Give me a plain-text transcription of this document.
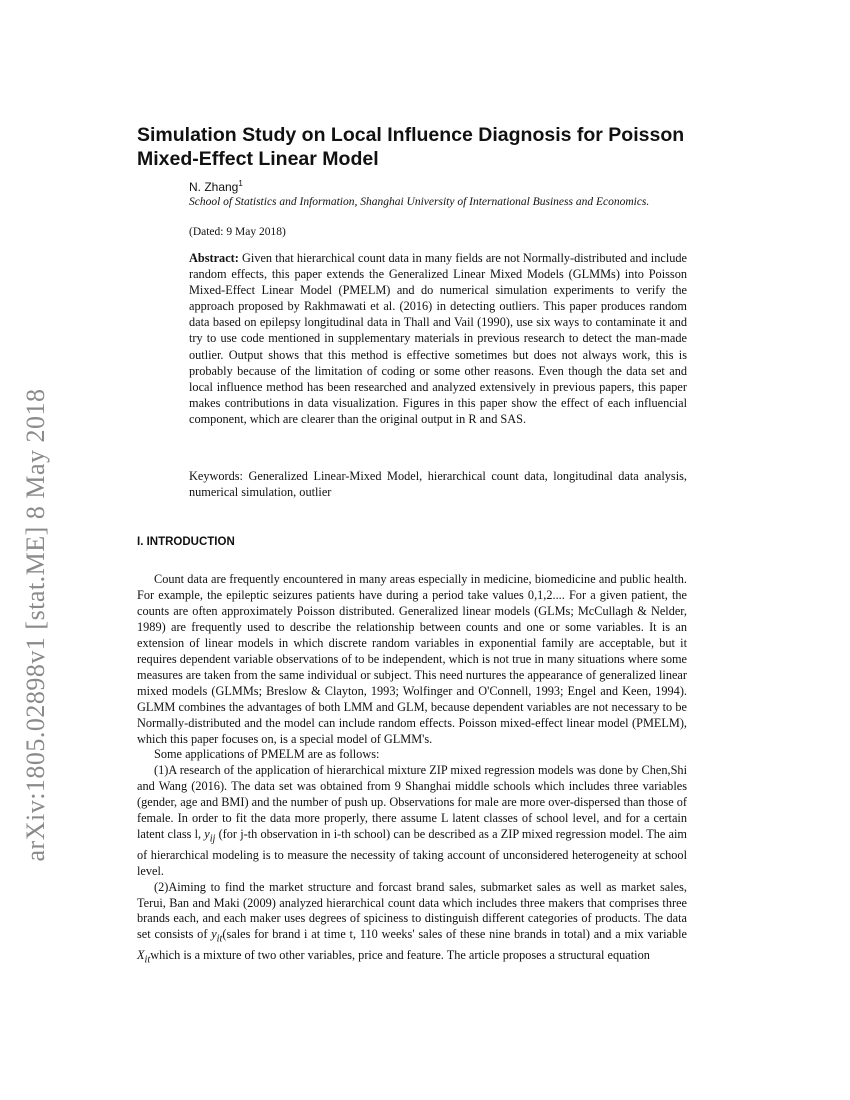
arXiv:1805.02898v1 [stat.ME] 8 May 2018
Simulation Study on Local Influence Diagnosis for Poisson Mixed-Effect Linear Model
N. Zhang$^1$
School of Statistics and Information, Shanghai University of International Business and Economics.
(Dated: 9 May 2018)

Abstract: Given that hierarchical count data in many fields are not Normally-distributed and include random effects, this paper extends the Generalized Linear Mixed Models (GLMMs) into Poisson Mixed-Effect Linear Model (PMELM) and do numerical simulation experiments to verify the approach proposed by Rakhmawati et al. (2016) in detecting outliers. This paper produces random data based on epilepsy longitudinal data in Thall and Vail (1990), use six ways to contaminate it and try to use code mentioned in supplementary materials in previous research to detect the man-made outlier. Output shows that this method is effective sometimes but does not always work, this is probably because of the limitation of coding or some other reasons. Even though the data set and local influence method has been researched and analyzed extensively in previous papers, this paper makes contributions in data visualization. Figures in this paper show the effect of each influencial component, which are clearer than the original output in R and SAS.

Keywords: Generalized Linear-Mixed Model, hierarchical count data, longitudinal data analysis, numerical simulation, outlier

I. INTRODUCTION

Count data are frequently encountered in many areas especially in medicine, biomedicine and public health. For example, the epileptic seizures patients have during a period take values 0,1,2.... For a given patient, the counts are often approximately Poisson distributed. Generalized linear models (GLMs; McCullagh & Nelder, 1989) are frequently used to describe the relationship between counts and one or some variables. It is an extension of linear models in which discrete random variables in exponential family are acceptable, but it requires dependent variable observations of to be independent, which is not true in many situations where some measures are taken from the same individual or subject. This need nurtures the appearance of generalized linear mixed models (GLMMs; Breslow & Clayton, 1993; Wolfinger and O'Connell, 1993; Engel and Keen, 1994). GLMM combines the advantages of both LMM and GLM, because dependent variables are not necessary to be Normally-distributed and the model can include random effects. Poisson mixed-effect linear model (PMELM), which this paper focuses on, is a special model of GLMM's.

Some applications of PMELM are as follows:

(1)A research of the application of hierarchical mixture ZIP mixed regression models was done by Chen,Shi and Wang (2016). The data set was obtained from 9 Shanghai middle schools which includes three variables (gender, age and BMI) and the number of push up. Observations for male are more over-dispersed than those of female. In order to fit the data more properly, there assume L latent classes of school level, and for a certain latent class l, $y_{ij}$ (for j-th observation in i-th school) can be described as a ZIP mixed regression model. The aim of hierarchical modeling is to measure the necessity of taking account of unconsidered heterogeneity at school level.

(2)Aiming to find the market structure and forcast brand sales, submarket sales as well as market sales, Terui, Ban and Maki (2009) analyzed hierarchical count data which includes three makers that comprises three brands each, and each maker uses degrees of spiciness to distinguish different categories of products. The data set consists of $y_{it}(sales$ for brand i at time t, 110 weeks' sales of these nine brands in total) and a mix variable $X_{it}which$ is a mixture of two other variables, price and feature. The article proposes a structural equation
